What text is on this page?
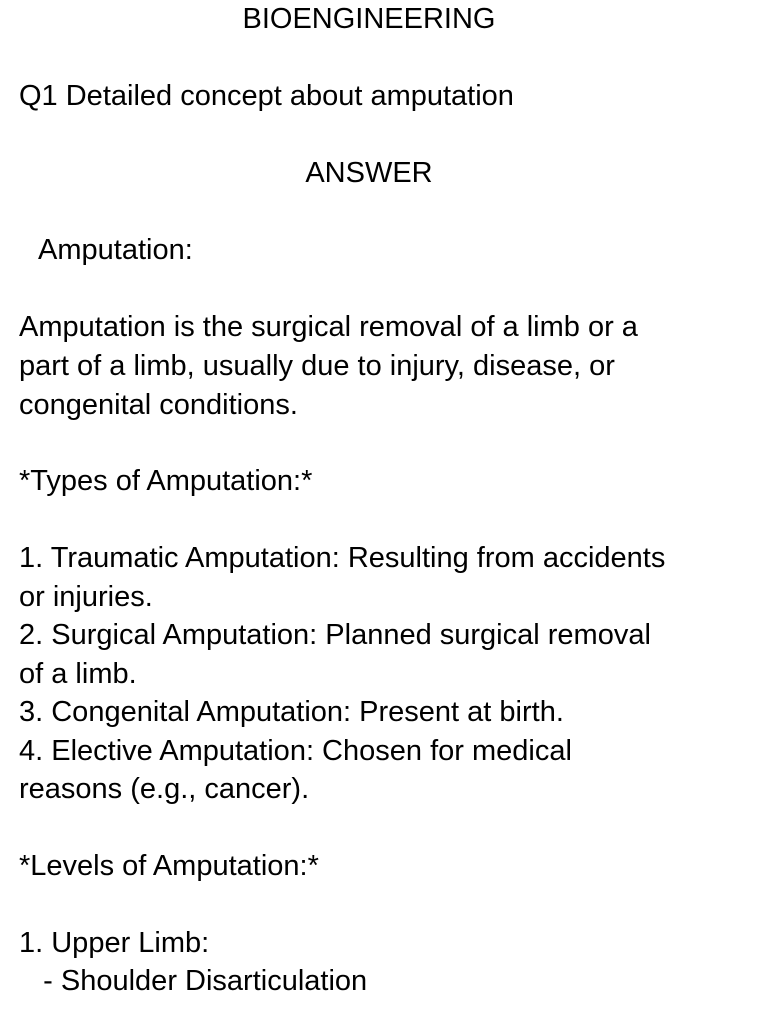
BIOENGINEERING
Q1 Detailed concept about amputation
ANSWER
Amputation:
Amputation is the surgical removal of a limb or a
part of a limb, usually due to injury, disease, or
congenital conditions.
*Types of Amputation:*
1. Traumatic Amputation: Resulting from accidents
or injuries.
2. Surgical Amputation: Planned surgical removal
of a limb.
3. Congenital Amputation: Present at birth.
4. Elective Amputation: Chosen for medical
reasons (e.g., cancer).
*Levels of Amputation:*
1. Upper Limb:
- Shoulder Disarticulation
